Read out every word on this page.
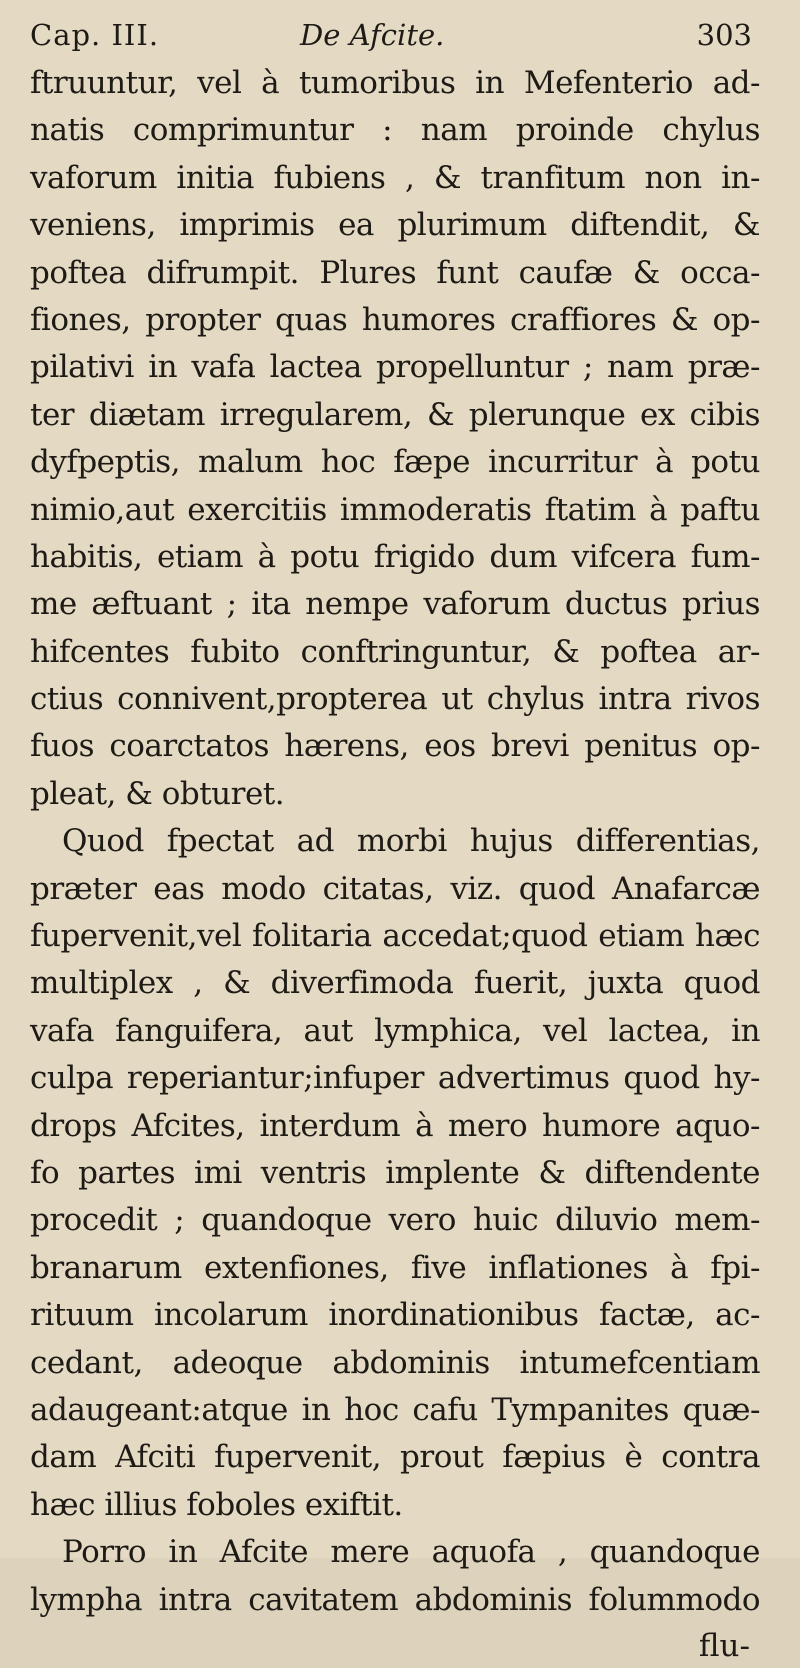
Cap. III.	De Afcite.	303
ftruuntur, vel à tumoribus in Mefenterio ad-
natis comprimuntur : nam proinde chylus
vaforum initia fubiens , & tranfitum non in-
veniens, imprimis ea plurimum diftendit, &
poftea difrumpit. Plures funt caufæ & occa-
fiones, propter quas humores craffiores & op-
pilativi in vafa lactea propelluntur ; nam præ-
ter diætam irregularem, & plerunque ex cibis
dyfpeptis, malum hoc fæpe incurritur à potu
nimio,aut exercitiis immoderatis ftatim à paftu
habitis, etiam à potu frigido dum vifcera fum-
me æftuant ; ita nempe vaforum ductus prius
hifcentes fubito conftringuntur, & poftea ar-
ctius connivent,propterea ut chylus intra rivos
fuos coarctatos hærens, eos brevi penitus op-
pleat, & obturet.
Quod fpectat ad morbi hujus differentias,
præter eas modo citatas, viz. quod Anafarcæ
fupervenit,vel folitaria accedat;quod etiam hæc
multiplex , & diverfimoda fuerit, juxta quod
vafa fanguifera, aut lymphica, vel lactea, in
culpa reperiantur;infuper advertimus quod hy-
drops Afcites, interdum à mero humore aquo-
fo partes imi ventris implente & diftendente
procedit ; quandoque vero huic diluvio mem-
branarum extenfiones, five inflationes à fpi-
rituum incolarum inordinationibus factæ, ac-
cedant, adeoque abdominis intumefcentiam
adaugeant:atque in hoc cafu Tympanites quæ-
dam Afciti fupervenit, prout fæpius è contra
hæc illius foboles exiftit.
Porro in Afcite mere aquofa , quandoque
lympha intra cavitatem abdominis folummodo
flu-
